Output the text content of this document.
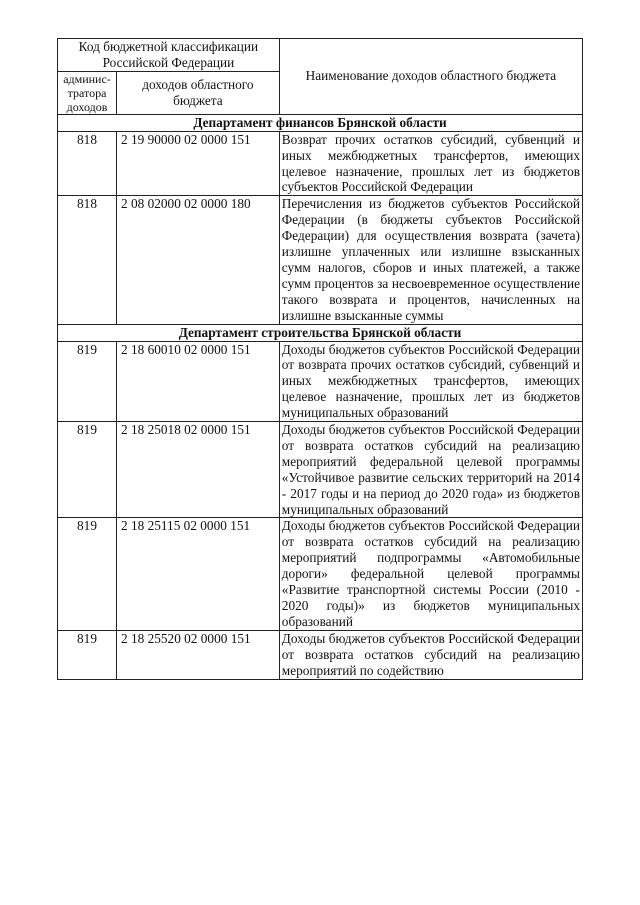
Код бюджетной классификации Российской Федерации		Наименование доходов областного бюджета
админис-тратора доходов	доходов областного бюджета	
Департамент финансов Брянской области		
818	2 19 90000 02 0000 151	Возврат прочих остатков субсидий, субвенций и иных межбюджетных трансфертов, имеющих целевое назначение, прошлых лет из бюджетов субъектов Российской Федерации
818	2 08 02000 02 0000 180	Перечисления из бюджетов субъектов Российской Федерации (в бюджеты субъектов Российской Федерации) для осуществления возврата (зачета) излишне уплаченных или излишне взысканных сумм налогов, сборов и иных платежей, а также сумм процентов за несвоевременное осуществление такого возврата и процентов, начисленных на излишне взысканные суммы
Департамент строительства Брянской области		
819	2 18 60010 02 0000 151	Доходы бюджетов субъектов Российской Федерации от возврата прочих остатков субсидий, субвенций и иных межбюджетных трансфертов, имеющих целевое назначение, прошлых лет из бюджетов муниципальных образований
819	2 18 25018 02 0000 151	Доходы бюджетов субъектов Российской Федерации от возврата остатков субсидий на реализацию мероприятий федеральной целевой программы «Устойчивое развитие сельских территорий на 2014 - 2017 годы и на период до 2020 года» из бюджетов муниципальных образований
819	2 18 25115 02 0000 151	Доходы бюджетов субъектов Российской Федерации от возврата остатков субсидий на реализацию мероприятий подпрограммы «Автомобильные дороги» федеральной целевой программы «Развитие транспортной системы России (2010 - 2020 годы)» из бюджетов муниципальных образований
819	2 18 25520 02 0000 151	Доходы бюджетов субъектов Российской Федерации от возврата остатков субсидий на реализацию мероприятий по содействию
